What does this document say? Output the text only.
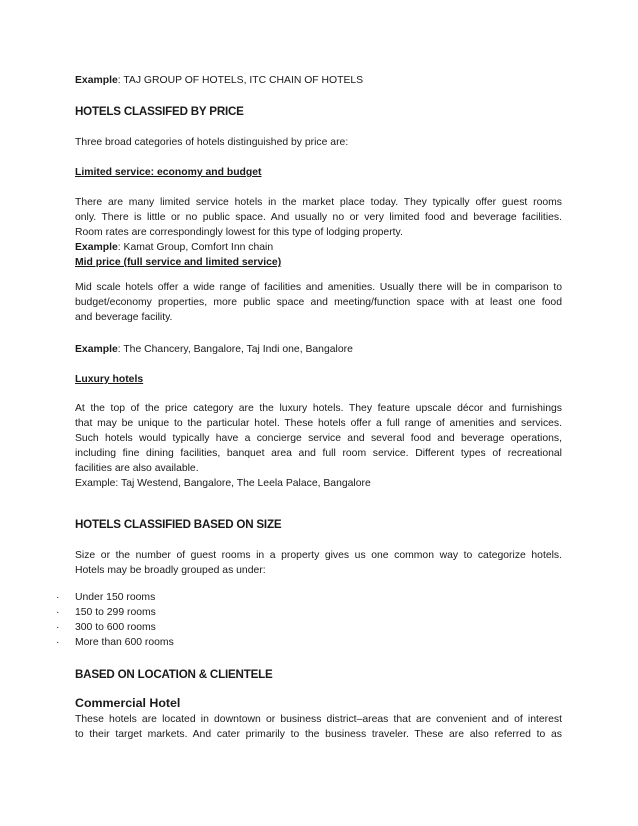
Example: TAJ GROUP OF HOTELS, ITC CHAIN OF HOTELS

HOTELS CLASSIFED BY PRICE

Three broad categories of hotels distinguished by price are:

Limited service: economy and budget

There are many limited service hotels in the market place today. They typically offer guest rooms
only. There is little or no public space. And usually no or very limited food and beverage facilities.
Room rates are correspondingly lowest for this type of lodging property.
Example: Kamat Group, Comfort Inn chain
Mid price (full service and limited service)
Mid scale hotels offer a wide range of facilities and amenities. Usually there will be in comparison to
budget/economy properties, more public space and meeting/function space with at least one food
and beverage facility.

Example: The Chancery, Bangalore, Taj Indi one, Bangalore

Luxury hotels

At the top of the price category are the luxury hotels. They feature upscale décor and furnishings
that may be unique to the particular hotel. These hotels offer a full range of amenities and services.
Such hotels would typically have a concierge service and several food and beverage operations,
including fine dining facilities, banquet area and full room service. Different types of recreational
facilities are also available.
Example: Taj Westend, Bangalore, The Leela Palace, Bangalore

HOTELS CLASSIFIED BASED ON SIZE

Size or the number of guest rooms in a property gives us one common way to categorize hotels.
Hotels may be broadly grouped as under:
·	Under 150 rooms
·	150 to 299 rooms
·	300 to 600 rooms
·	More than 600 rooms

BASED ON LOCATION & CLIENTELE

Commercial Hotel

These hotels are located in downtown or business district–areas that are convenient and of interest
to their target markets. And cater primarily to the business traveler. These are also referred to as
